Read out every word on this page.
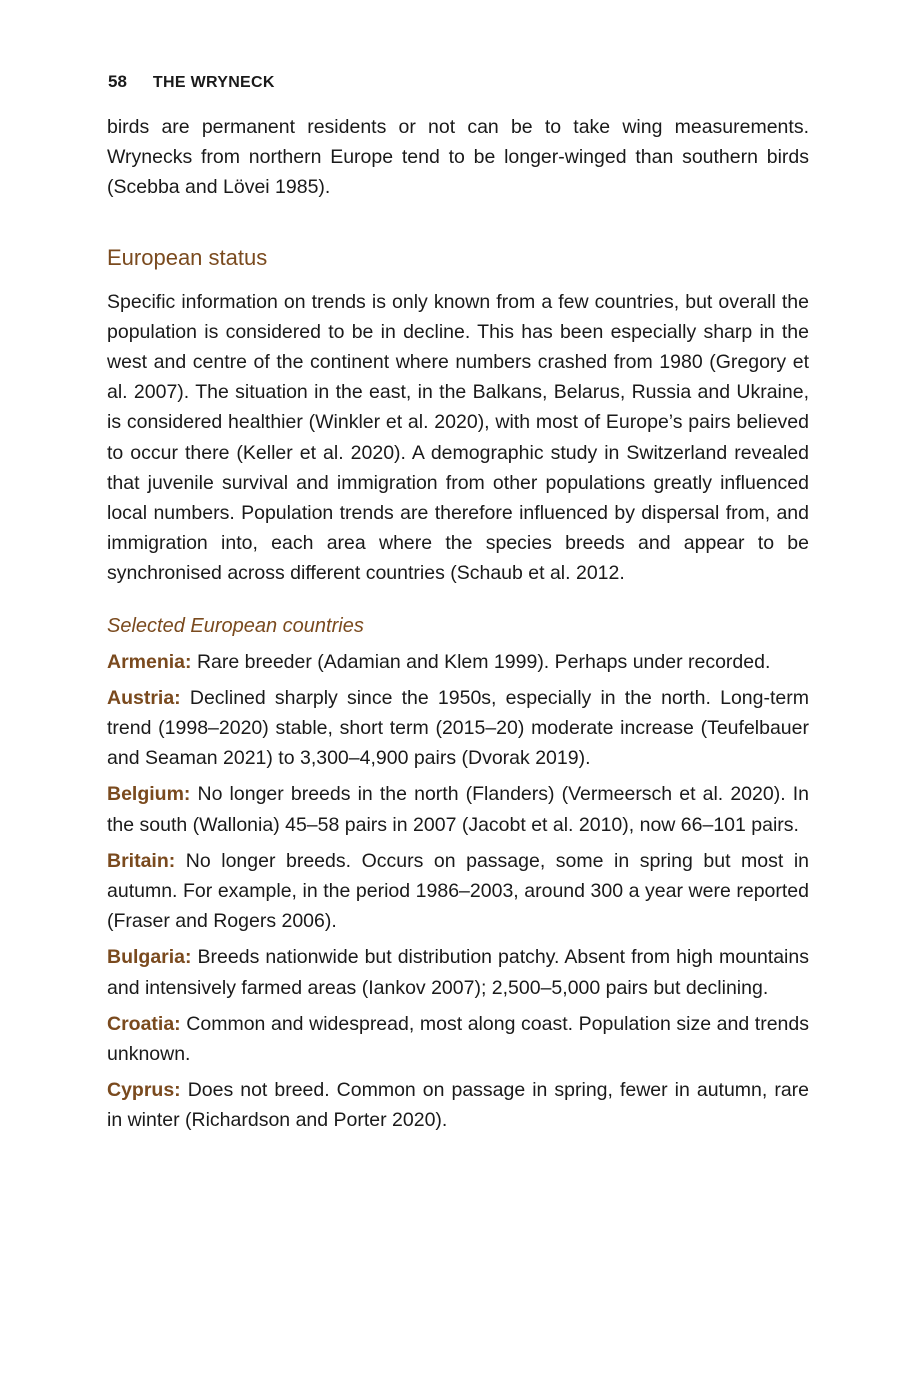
58 THE WRYNECK

birds are permanent residents or not can be to take wing measurements. Wrynecks from northern Europe tend to be longer-winged than southern birds (Scebba and Lövei 1985).

European status

Specific information on trends is only known from a few countries, but overall the population is considered to be in decline. This has been especially sharp in the west and centre of the continent where numbers crashed from 1980 (Gregory et al. 2007). The situation in the east, in the Balkans, Belarus, Russia and Ukraine, is considered healthier (Winkler et al. 2020), with most of Europe’s pairs believed to occur there (Keller et al. 2020). A demographic study in Switzerland revealed that juvenile survival and immigration from other populations greatly influenced local numbers. Population trends are therefore influenced by dispersal from, and immigration into, each area where the species breeds and appear to be synchronised across different countries (Schaub et al. 2012.

Selected European countries

Armenia: Rare breeder (Adamian and Klem 1999). Perhaps under recorded.

Austria: Declined sharply since the 1950s, especially in the north. Long-term trend (1998–2020) stable, short term (2015–20) moderate increase (Teufelbauer and Seaman 2021) to 3,300–4,900 pairs (Dvorak 2019).

Belgium: No longer breeds in the north (Flanders) (Vermeersch et al. 2020). In the south (Wallonia) 45–58 pairs in 2007 (Jacobt et al. 2010), now 66–101 pairs.

Britain: No longer breeds. Occurs on passage, some in spring but most in autumn. For example, in the period 1986–2003, around 300 a year were reported (Fraser and Rogers 2006).

Bulgaria: Breeds nationwide but distribution patchy. Absent from high mountains and intensively farmed areas (Iankov 2007); 2,500–5,000 pairs but declining.

Croatia: Common and widespread, most along coast. Population size and trends unknown.

Cyprus: Does not breed. Common on passage in spring, fewer in autumn, rare in winter (Richardson and Porter 2020).
